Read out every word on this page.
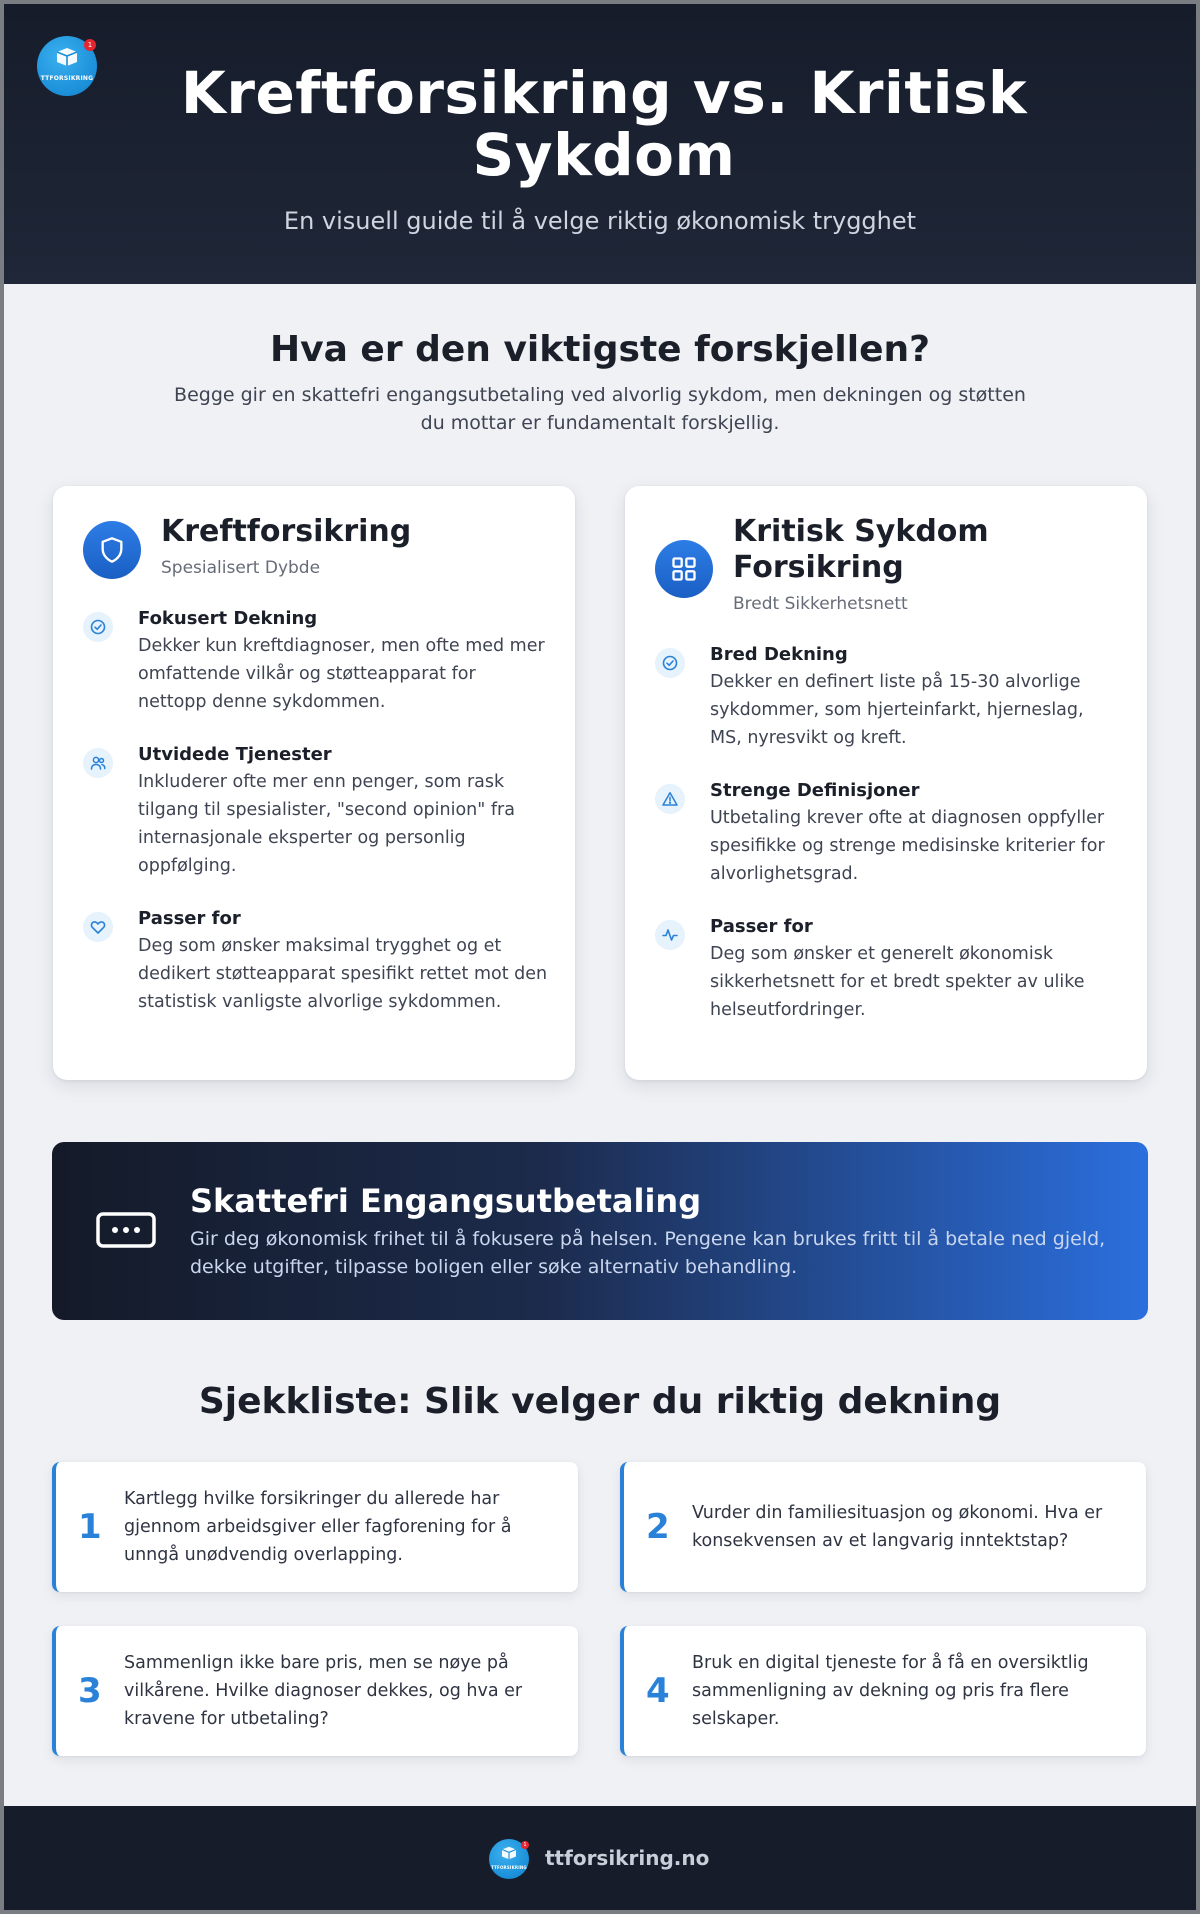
TTFORSIKRING
1
Kreftforsikring vs. Kritisk Sykdom

En visuell guide til å velge riktig økonomisk trygghet

Hva er den viktigste forskjellen?
Begge gir en skattefri engangsutbetaling ved alvorlig sykdom, men dekningen og støtten du mottar er fundamentalt forskjellig.
Kreftforsikring
Spesialisert Dybde
Fokusert Dekning
Dekker kun kreftdiagnoser, men ofte med mer omfattende vilkår og støtteapparat for nettopp denne sykdommen.
Utvidede Tjenester
Inkluderer ofte mer enn penger, som rask tilgang til spesialister, "second opinion" fra internasjonale eksperter og personlig oppfølging.
Passer for
Deg som ønsker maksimal trygghet og et dedikert støtteapparat spesifikt rettet mot den statistisk vanligste alvorlige sykdommen.
Kritisk Sykdom Forsikring
Bredt Sikkerhetsnett
Bred Dekning
Dekker en definert liste på 15-30 alvorlige sykdommer, som hjerteinfarkt, hjerneslag, MS, nyresvikt og kreft.
Strenge Definisjoner
Utbetaling krever ofte at diagnosen oppfyller spesifikke og strenge medisinske kriterier for alvorlighetsgrad.
Passer for
Deg som ønsker et generelt økonomisk sikkerhetsnett for et bredt spekter av ulike helseutfordringer.
Skattefri Engangsutbetaling
Gir deg økonomisk frihet til å fokusere på helsen. Pengene kan brukes fritt til å betale ned gjeld, dekke utgifter, tilpasse boligen eller søke alternativ behandling.
Sjekkliste: Slik velger du riktig dekning
1
Kartlegg hvilke forsikringer du allerede har gjennom arbeidsgiver eller fagforening for å unngå unødvendig overlapping.
2 Vurder din familiesituasjon og økonomi. Hva er konsekvensen av et langvarig inntektstap?
3
Sammenlign ikke bare pris, men se nøye på vilkårene. Hvilke diagnoser dekkes, og hva er kravene for utbetaling?
4
Bruk en digital tjeneste for å få en oversiktlig sammenligning av dekning og pris fra flere selskaper.
TTFORSIKRING
1
ttforsikring.no
